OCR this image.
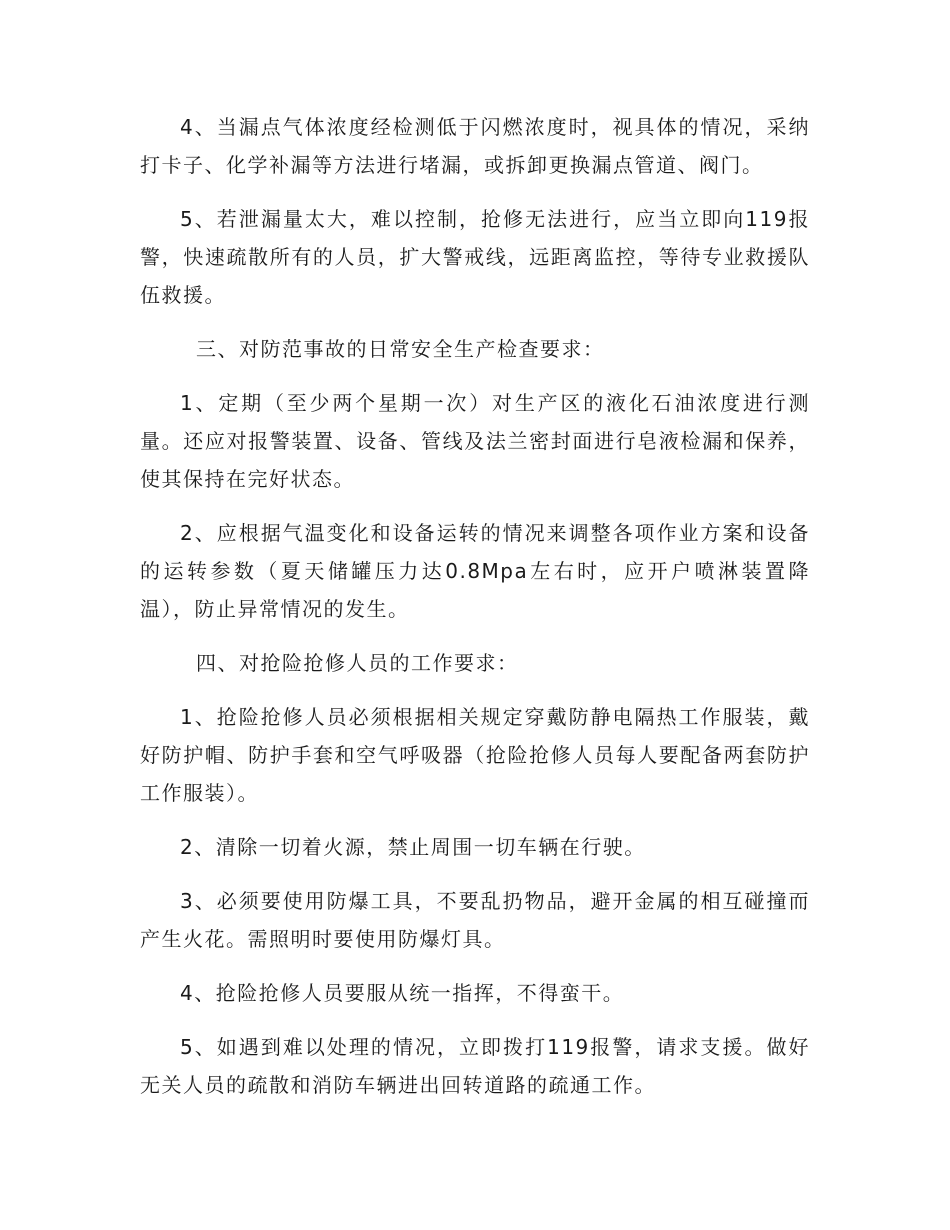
4、当漏点气体浓度经检测低于闪燃浓度时，视具体的情况，采纳打卡子、化学补漏等方法进行堵漏，或拆卸更换漏点管道、阀门。

5、若泄漏量太大，难以控制，抢修无法进行，应当立即向119报警，快速疏散所有的人员，扩大警戒线，远距离监控，等待专业救援队伍救援。

三、对防范事故的日常安全生产检查要求：

1、定期（至少两个星期一次）对生产区的液化石油浓度进行测量。还应对报警装置、设备、管线及法兰密封面进行皂液检漏和保养，使其保持在完好状态。

2、应根据气温变化和设备运转的情况来调整各项作业方案和设备的运转参数（夏天储罐压力达0.8Mpa左右时，应开户喷淋装置降温），防止异常情况的发生。

四、对抢险抢修人员的工作要求：

1、抢险抢修人员必须根据相关规定穿戴防静电隔热工作服装，戴好防护帽、防护手套和空气呼吸器（抢险抢修人员每人要配备两套防护工作服装）。

2、清除一切着火源，禁止周围一切车辆在行驶。

3、必须要使用防爆工具，不要乱扔物品，避开金属的相互碰撞而产生火花。需照明时要使用防爆灯具。

4、抢险抢修人员要服从统一指挥，不得蛮干。

5、如遇到难以处理的情况，立即拨打119报警，请求支援。做好无关人员的疏散和消防车辆进出回转道路的疏通工作。
